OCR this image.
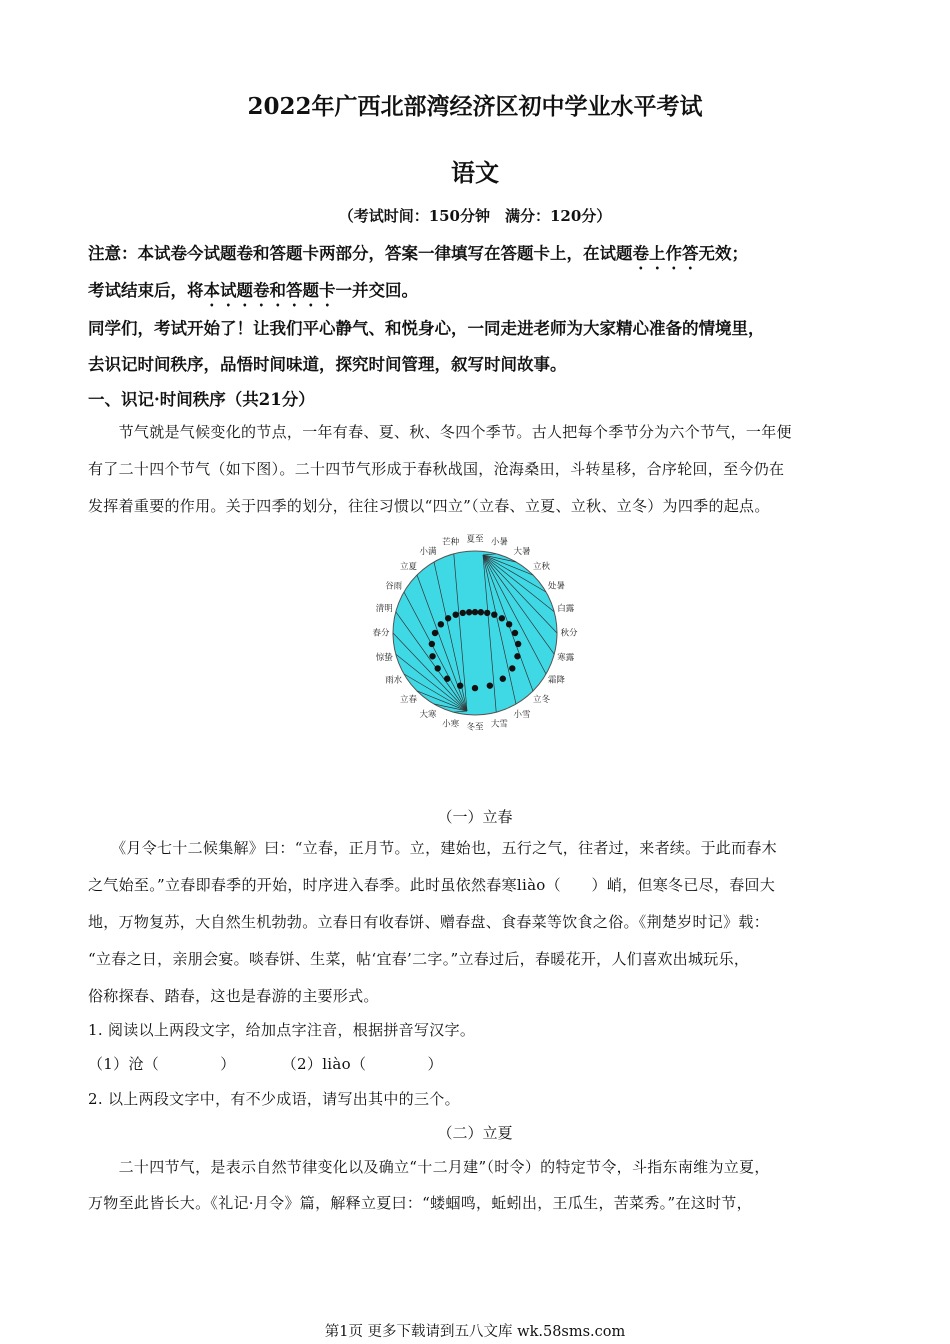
2022年广西北部湾经济区初中学业水平考试
语文
（考试时间：150分钟　满分：120分）
注意：本试卷今试题卷和答题卡两部分，答案一律填写在答题卡上，在试题卷上作答无效；
考试结束后，将本试题卷和答题卡一并交回。
同学们，考试开始了！让我们平心静气、和悦身心，一同走进老师为大家精心准备的情境里，
去识记时间秩序，品悟时间味道，探究时间管理，叙写时间故事。
一、识记·时间秩序（共21分）
　　节气就是气候变化的节点，一年有春、夏、秋、冬四个季节。古人把每个季节分为六个节气，一年便
有了二十四个节气（如下图）。二十四节气形成于春秋战国，沧海桑田，斗转星移，合序轮回，至今仍在
发挥着重要的作用。关于四季的划分，往往习惯以“四立”（立春、立夏、立秋、立冬）为四季的起点。
夏至 小暑
大暑
立秋
处暑
白露
秋分
寒露
霜降
立冬
小雪
大雪
冬至
小寒
大寒
立春
雨水
惊蛰
春分
清明
谷雨
立夏
小满
芒种
（一）立春
　　《月令七十二候集解》曰：“立春，正月节。立，建始也，五行之气，往者过，来者续。于此而春木
之气始至。”立春即春季的开始，时序进入春季。此时虽依然春寒liào（　　）峭，但寒冬已尽，春回大
地，万物复苏，大自然生机勃勃。立春日有收春饼、赠春盘、食春菜等饮食之俗。《荆楚岁时记》载：
“立春之日，亲朋会宴。啖春饼、生菜，帖‘宜春’二字。”立春过后，春暖花开，人们喜欢出城玩乐，
俗称探春、踏春，这也是春游的主要形式。
1. 阅读以上两段文字，给加点字注音，根据拼音写汉字。
（1）沧（　　　　）　　　　（2）liào（　　　　）
2. 以上两段文字中，有不少成语，请写出其中的三个。
（二）立夏
　　二十四节气，是表示自然节律变化以及确立“十二月建”（时令）的特定节令，斗指东南维为立夏，
万物至此皆长大。《礼记·月令》篇，解释立夏曰：“蝼蝈鸣，蚯蚓出，王瓜生，苦菜秀。”在这时节，
第1页 更多下载请到五八文库 wk.58sms.com
